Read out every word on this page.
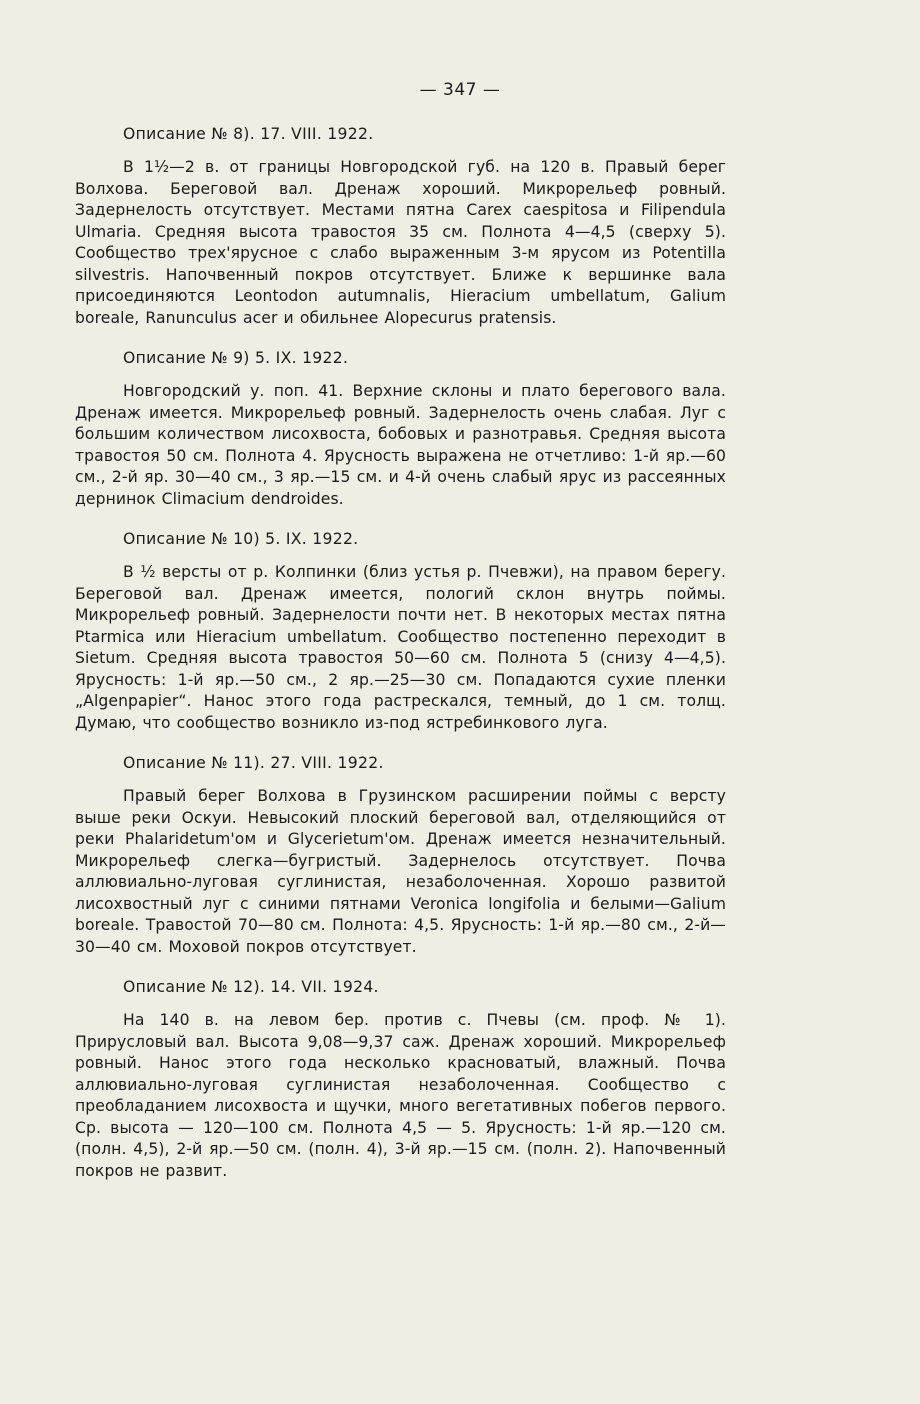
— 347 —
Описание № 8). 17. VIII. 1922.

В 1½—2 в. от границы Новгородской губ. на 120 в. Правый берег Волхова. Береговой вал. Дренаж хороший. Микрорельеф ровный. Задернелость отсутствует. Местами пятна Carex caespitosa и Filipendula Ulmaria. Средняя высота травостоя 35 см. Полнота 4—4,5 (сверху 5). Сообщество трех'ярусное с слабо выраженным 3-м ярусом из Potentilla silvestris. Напочвенный покров отсутствует. Ближе к вершинке вала присоединяются Leontodon autumnalis, Hieracium umbellatum, Galium boreale, Ranunculus acer и обильнее Alopecurus pratensis.

Описание № 9) 5. IX. 1922.

Новгородский у. поп. 41. Верхние склоны и плато берегового вала. Дренаж имеется. Микрорельеф ровный. Задернелость очень слабая. Луг с большим количеством лисохвоста, бобовых и разнотравья. Средняя высота травостоя 50 см. Полнота 4. Ярусность выражена не отчетливо: 1-й яр.—60 см., 2-й яр. 30—40 см., 3 яр.—15 см. и 4-й очень слабый ярус из рассеянных дернинок Climacium dendroides.

Описание № 10) 5. IX. 1922.

В ½ версты от р. Колпинки (близ устья р. Пчевжи), на правом берегу. Береговой вал. Дренаж имеется, пологий склон внутрь поймы. Микрорельеф ровный. Задернелости почти нет. В некоторых местах пятна Ptarmica или Hieracium umbellatum. Сообщество постепенно переходит в Sietum. Средняя высота травостоя 50—60 см. Полнота 5 (снизу 4—4,5). Ярусность: 1-й яр.—50 см., 2 яр.—25—30 см. Попадаются сухие пленки „Algenpapier“. Нанос этого года растрескался, темный, до 1 см. толщ. Думаю, что сообщество возникло из-под ястребинкового луга.

Описание № 11). 27. VIII. 1922.

Правый берег Волхова в Грузинском расширении поймы с версту выше реки Оскуи. Невысокий плоский береговой вал, отделяющийся от реки Phalaridetum'ом и Glycerietum'ом. Дренаж имеется незначительный. Микрорельеф слегка—бугристый. Задернелось отсутствует. Почва аллювиально-луговая суглинистая, незаболоченная. Хорошо развитой лисохвостный луг с синими пятнами Veronica longifolia и белыми—Galium boreale. Травостой 70—80 см. Полнота: 4,5. Ярусность: 1-й яр.—80 см., 2-й—30—40 см. Моховой покров отсутствует.

Описание № 12). 14. VII. 1924.

На 140 в. на левом бер. против с. Пчевы (см. проф. № 1). Прирусловый вал. Высота 9,08—9,37 саж. Дренаж хороший. Микрорельеф ровный. Нанос этого года несколько красноватый, влажный. Почва аллювиально-луговая суглинистая незаболоченная. Сообщество с преобладанием лисохвоста и щучки, много вегетативных побегов первого. Ср. высота — 120—100 см. Полнота 4,5 — 5. Ярусность: 1-й яр.—120 см. (полн. 4,5), 2-й яр.—50 см. (полн. 4), 3-й яр.—15 см. (полн. 2). Напочвенный покров не развит.
